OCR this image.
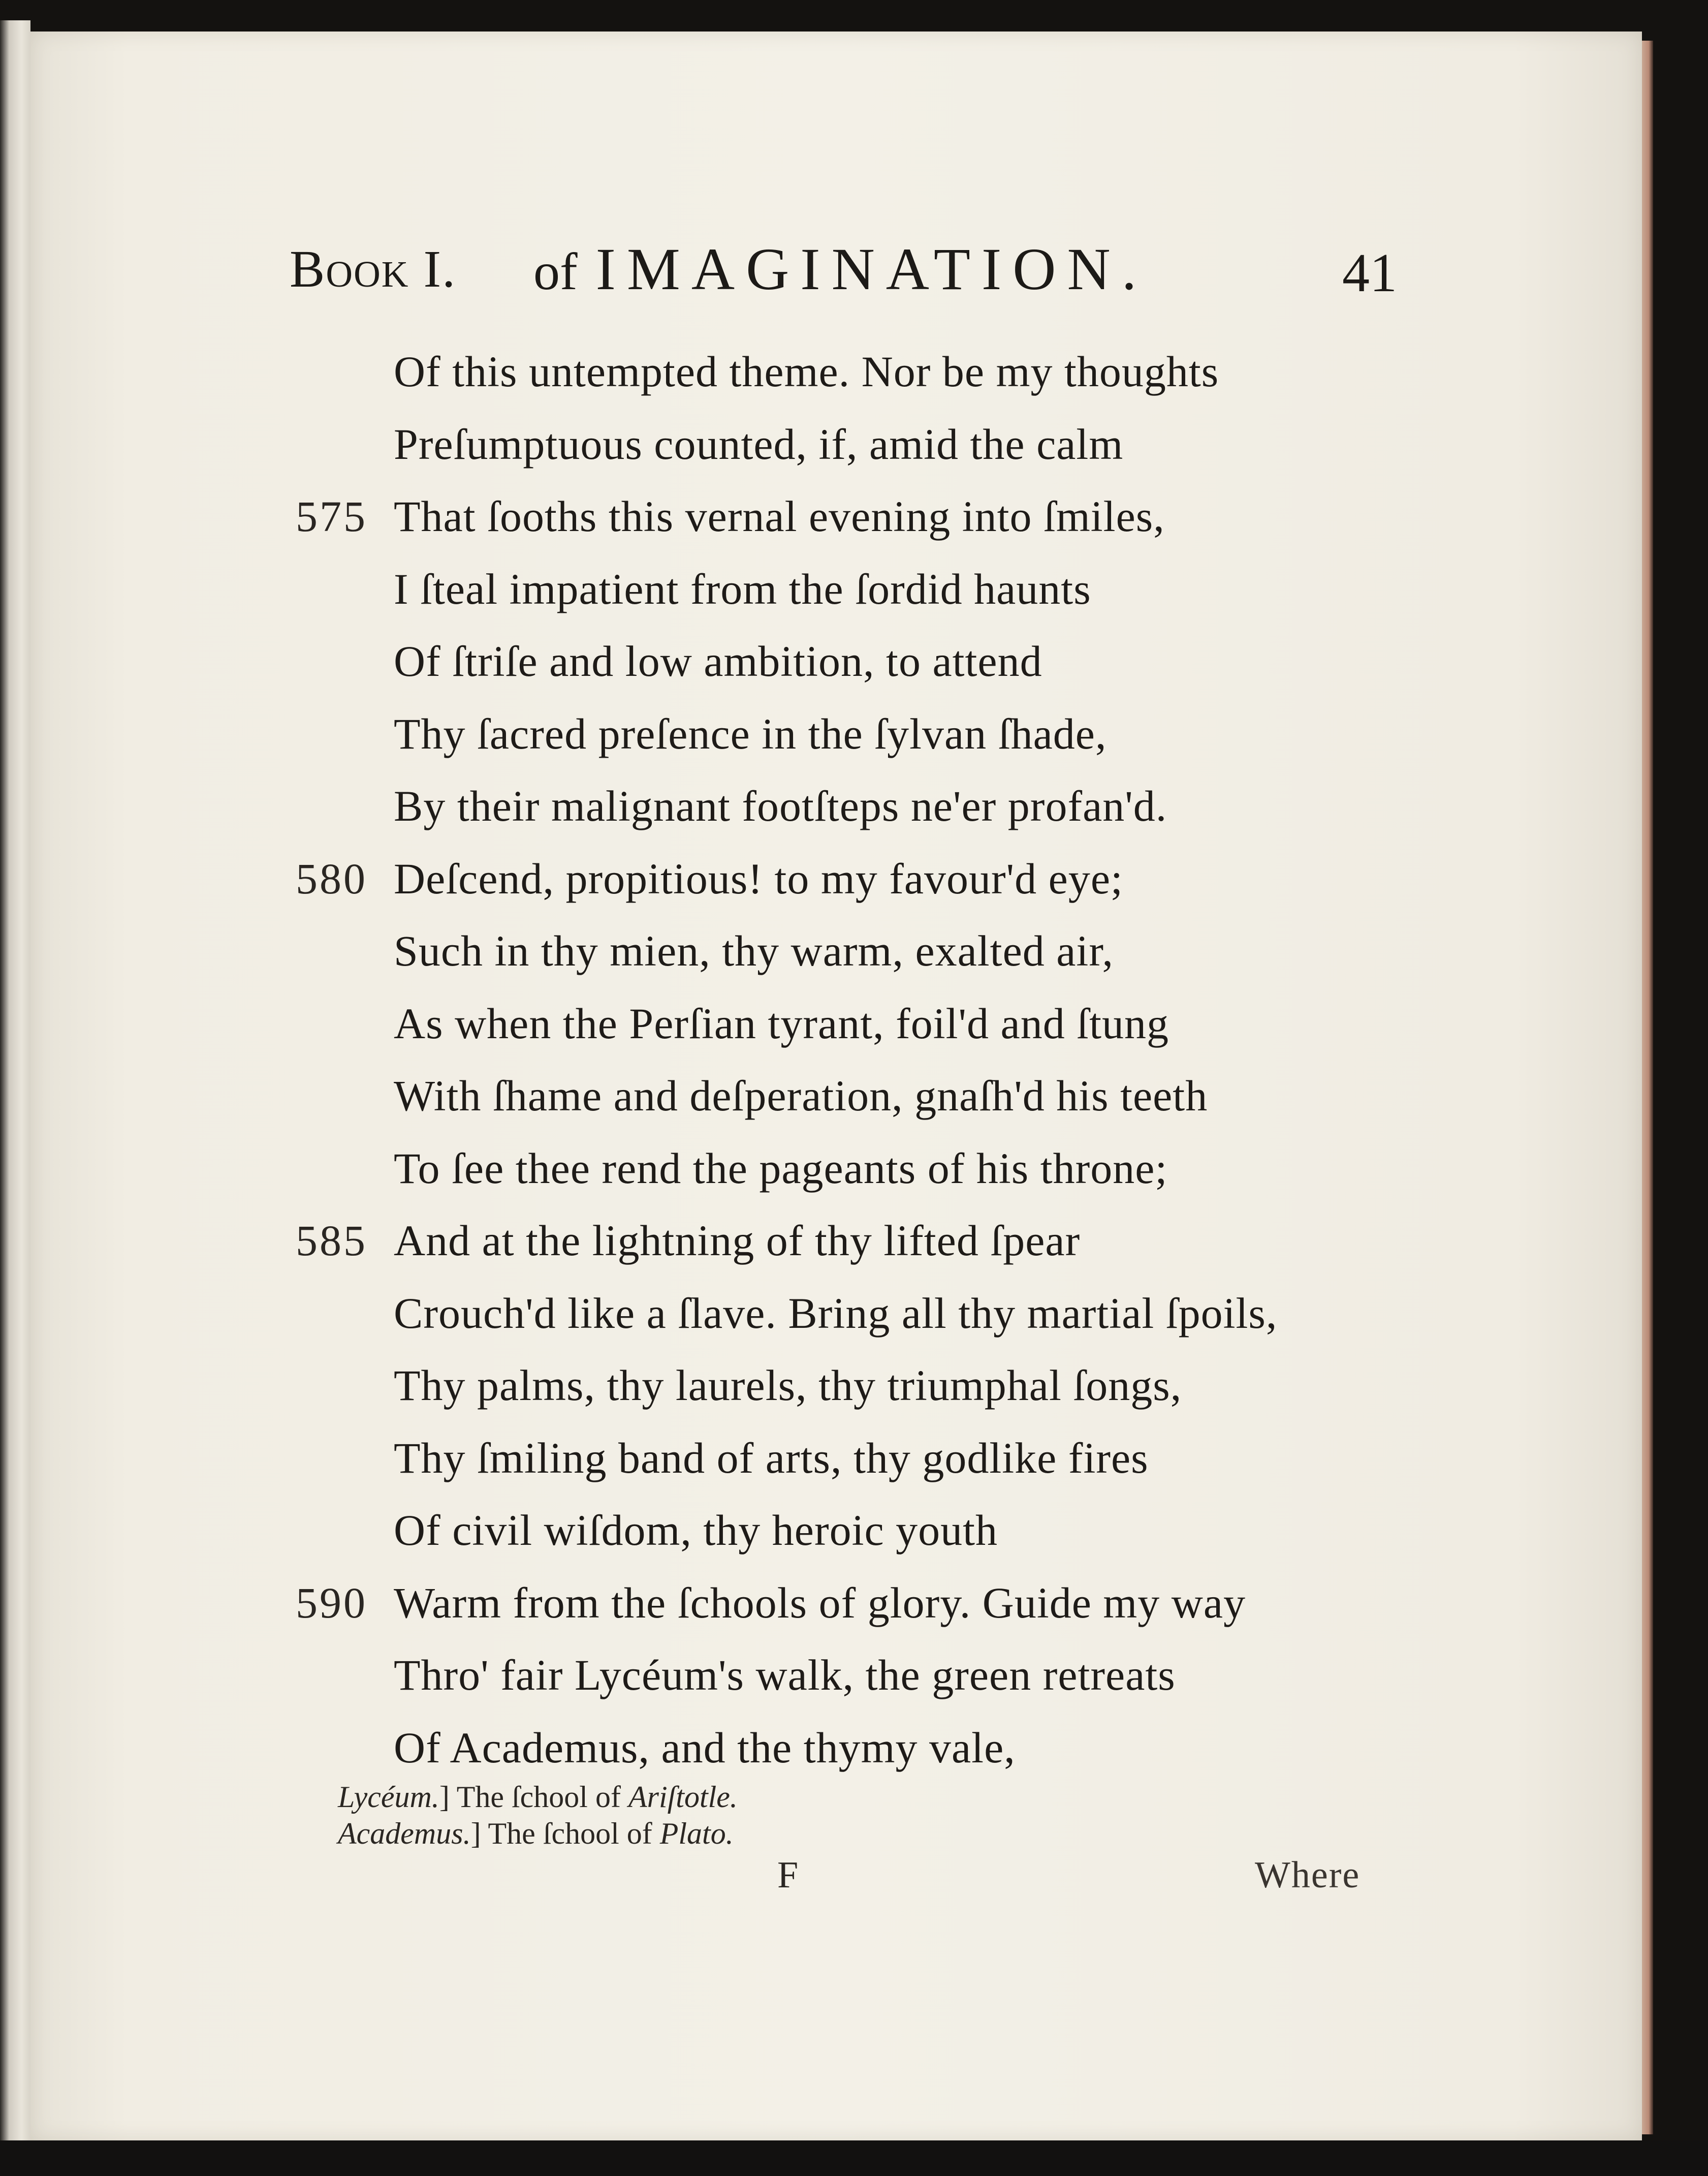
Book I. of IMAGINATION.	41
Of this untempted theme. Nor be my thoughts
Preſumptuous counted, if, amid the calm
575 That ſooths this vernal evening into ſmiles,
I ſteal impatient from the ſordid haunts
Of ſtriſe and low ambition, to attend
Thy ſacred preſence in the ſylvan ſhade,
By their malignant footſteps ne'er profan'd.
580 Deſcend, propitious! to my favour'd eye;
Such in thy mien, thy warm, exalted air,
As when the Perſian tyrant, foil'd and ſtung
With ſhame and deſperation, gnaſh'd his teeth
To ſee thee rend the pageants of his throne;
585 And at the lightning of thy lifted ſpear
Crouch'd like a ſlave. Bring all thy martial ſpoils,
Thy palms, thy laurels, thy triumphal ſongs,
Thy ſmiling band of arts, thy godlike fires
Of civil wiſdom, thy heroic youth
590 Warm from the ſchools of glory. Guide my way
Thro' fair Lycéum's walk, the green retreats
Of Academus, and the thymy vale,
Lycéum.] The ſchool of Ariſtotle.
Academus.] The ſchool of Plato.
F	Where
